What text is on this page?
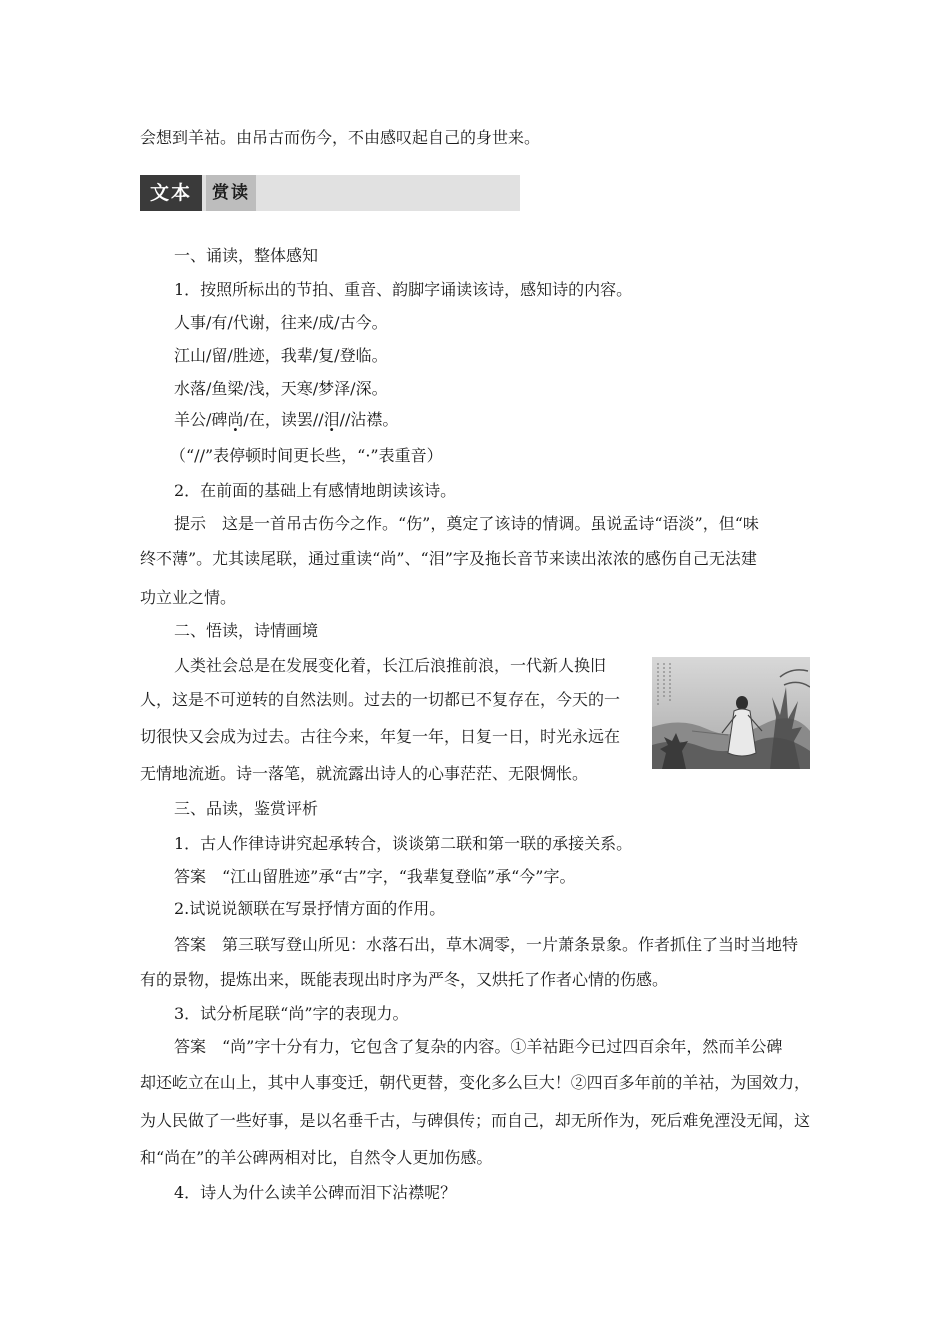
会想到羊祜。由吊古而伤今，不由感叹起自己的身世来。
文本	赏读
一、诵读，整体感知
1．按照所标出的节拍、重音、韵脚字诵读该诗，感知诗的内容。
人事/有/代谢，往来/成/古今。
江山/留/胜迹，我辈/复/登临。
水落/鱼梁/浅，天寒/梦泽/深。
羊公/碑尚/在，读罢//泪//沾襟。
（“//”表停顿时间更长些，“·”表重音）
2．在前面的基础上有感情地朗读该诗。
提示　这是一首吊古伤今之作。“伤”，奠定了该诗的情调。虽说孟诗“语淡”，但“味
终不薄”。尤其读尾联，通过重读“尚”、“泪”字及拖长音节来读出浓浓的感伤自己无法建
功立业之情。
二、悟读，诗情画境
人类社会总是在发展变化着，长江后浪推前浪，一代新人换旧
人，这是不可逆转的自然法则。过去的一切都已不复存在，今天的一
切很快又会成为过去。古往今来，年复一年，日复一日，时光永远在
无情地流逝。诗一落笔，就流露出诗人的心事茫茫、无限惆怅。
三、品读，鉴赏评析
1．古人作律诗讲究起承转合，谈谈第二联和第一联的承接关系。
答案　“江山留胜迹”承“古”字，“我辈复登临”承“今”字。
2.试说说颔联在写景抒情方面的作用。
答案　第三联写登山所见：水落石出，草木凋零，一片萧条景象。作者抓住了当时当地特
有的景物，提炼出来，既能表现出时序为严冬，又烘托了作者心情的伤感。
3．试分析尾联“尚”字的表现力。
答案　“尚”字十分有力，它包含了复杂的内容。①羊祜距今已过四百余年，然而羊公碑
却还屹立在山上，其中人事变迁，朝代更替，变化多么巨大！②四百多年前的羊祜，为国效力，
为人民做了一些好事，是以名垂千古，与碑俱传；而自己，却无所作为，死后难免湮没无闻，这
和“尚在”的羊公碑两相对比，自然令人更加伤感。
4．诗人为什么读羊公碑而泪下沾襟呢？
